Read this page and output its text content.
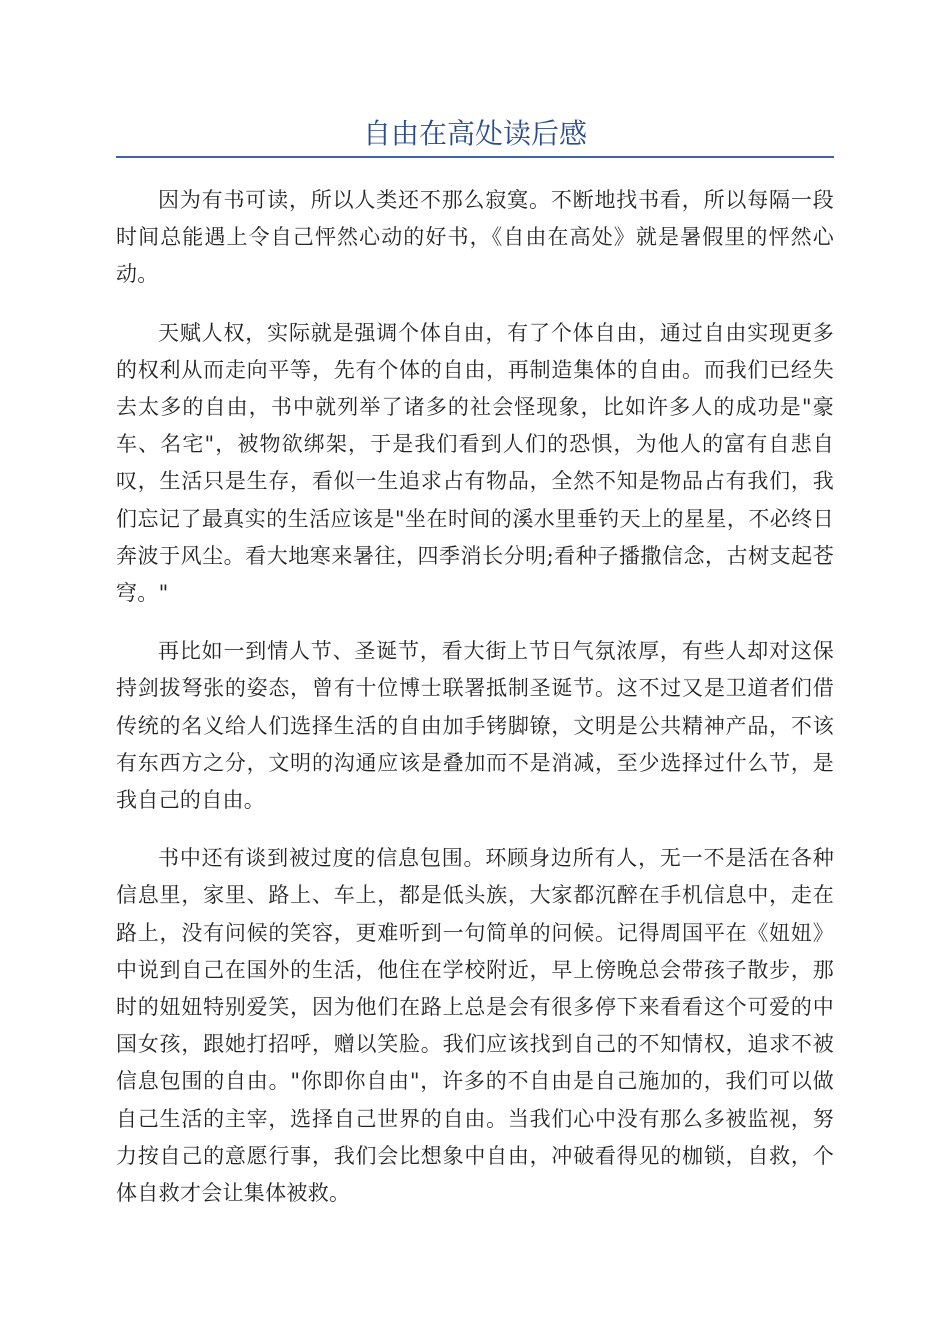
自由在高处读后感

因为有书可读，所以人类还不那么寂寞。不断地找书看，所以每隔一段时间总能遇上令自己怦然心动的好书，《自由在高处》就是暑假里的怦然心动。

天赋人权，实际就是强调个体自由，有了个体自由，通过自由实现更多的权利从而走向平等，先有个体的自由，再制造集体的自由。而我们已经失去太多的自由，书中就列举了诸多的社会怪现象，比如许多人的成功是"豪车、名宅"，被物欲绑架，于是我们看到人们的恐惧，为他人的富有自悲自叹，生活只是生存，看似一生追求占有物品，全然不知是物品占有我们，我们忘记了最真实的生活应该是"坐在时间的溪水里垂钓天上的星星，不必终日奔波于风尘。看大地寒来暑往，四季消长分明;看种子播撒信念，古树支起苍穹。"

再比如一到情人节、圣诞节，看大街上节日气氛浓厚，有些人却对这保持剑拔弩张的姿态，曾有十位博士联署抵制圣诞节。这不过又是卫道者们借传统的名义给人们选择生活的自由加手铐脚镣，文明是公共精神产品，不该有东西方之分，文明的沟通应该是叠加而不是消减，至少选择过什么节，是我自己的自由。

书中还有谈到被过度的信息包围。环顾身边所有人，无一不是活在各种信息里，家里、路上、车上，都是低头族，大家都沉醉在手机信息中，走在路上，没有问候的笑容，更难听到一句简单的问候。记得周国平在《妞妞》中说到自己在国外的生活，他住在学校附近，早上傍晚总会带孩子散步，那时的妞妞特别爱笑，因为他们在路上总是会有很多停下来看看这个可爱的中国女孩，跟她打招呼，赠以笑脸。我们应该找到自己的不知情权，追求不被信息包围的自由。"你即你自由"，许多的不自由是自己施加的，我们可以做自己生活的主宰，选择自己世界的自由。当我们心中没有那么多被监视，努力按自己的意愿行事，我们会比想象中自由，冲破看得见的枷锁，自救，个体自救才会让集体被救。
